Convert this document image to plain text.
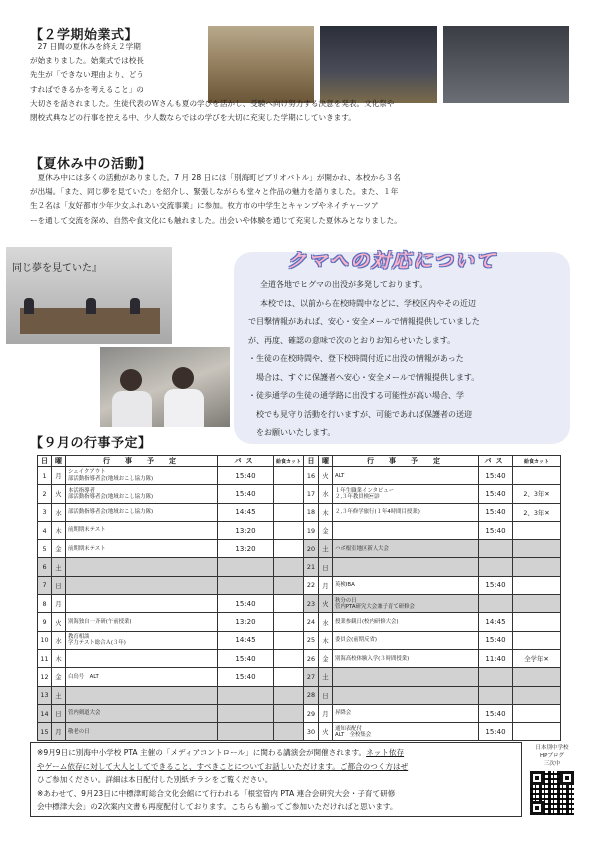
【２学期始業式】
　27 日間の夏休みを終え２学期
が始まりました。始業式では校長
先生が「できない理由より、どう
すればできるかを考えること」の
大切さを話されました。生徒代表のＷさんも夏の学びを活かし、受験へ向け努力する決意を発表。文化祭や
閉校式典などの行事を控える中、少人数ならではの学びを大切に充実した学期にしていきます。
【夏休み中の活動】
　夏休み中には多くの活動がありました。7 月 28 日には「別海町ビブリオバトル」が開かれ、本校から３名
が出場。「また、同じ夢を見ていた」を紹介し、緊張しながらも堂々と作品の魅力を語りました。また、１年
生２名は「友好都市少年少女ふれあい交流事業」に参加。枚方市の中学生とキャンプやネイチャーツア
ーを通して交流を深め、自然や食文化にも触れました。出会いや体験を通じて充実した夏休みとなりました。
同じ夢を見ていた』	クマへの対応について
全道各地でヒグマの出没が多発しております。
本校では、以前から在校時間中などに、学校区内やその近辺
で目撃情報があれば、安心・安全メールで情報提供していました
が、再度、確認の意味で次のとおりお知らせいたします。
・生徒の在校時間や、登下校時間付近に出没の情報があった
　場合は、すぐに保護者へ安心・安全メールで情報提供します。
・徒歩通学の生徒の通学路に出没する可能性が高い場合、学
　校でも見守り活動を行いますが、可能であれば保護者の送迎
　をお願いいたします。
【９月の行事予定】
日	曜	行　事　予　定	バス	給食カット	日	曜	行　事　予　定	バス	給食カット
1	月	シェイクアウト
部活動指導者会(地域おこし協力隊)	15:40		16	火	ALT	15:40	
2	火	本活指導者
部活動指導者会(地域おこし協力隊)	15:40		17	水	１年生職業インタビュー
２,３年教員検診	15:40	2、3年✕
3	水	部活動指導者会(地域おこし協力隊)	14:45		18	木	２,３年修学旅行(１年4時間目授業)	15:40	2、3年✕
4	木	前期期末テスト	13:20		19	金		15:40	
5	金	前期期末テスト	13:20		20	土	ハボ根室地区新人大会		
6	土				21	日			
7	日				22	月	英検IBA	15:40	
8	月		15:40		23	火	秋分の日
管内PTA研究大会兼子育て研修会		
9	火	別海独自一斉研(午前授業)	13:20		24	水	授業参観日(校内研修大会)	14:45	
10	水	教育相談
学力テスト総合Ａ(３年)	14:45		25	木	委員会(前期反省)	15:40	
11	木		15:40		26	金	別海高校体験入学(３時間授業)	11:40	全学年✕
12	金	白鳥号　ALT	15:40		27	土			
13	土				28	日			
14	日	管内剣道大会			29	月	昇降会	15:40	
15	月	敬老の日			30	火	通知表配付
ALT　全校集会	15:40	
※9月9日に別海中小学校 PTA 主催の「メディアコントロール」に関わる講演会が開催されます。ネット依存
やゲーム依存に対して大人としてできること、すべきことについてお話しいただけます。ご都合のつく方はぜ
ひご参加ください。詳細は本日配付した別紙チラシをご覧ください。
※あわせて、9月23日に中標津町総合文化会館にて行われる「根室管内 PTA 連合会研究大会・子育て研修
会中標津大会」の2次案内文書も再度配付しております。こちらも揃ってご参加いただければと思います。
日本別中学校
HPブログ
三次中
